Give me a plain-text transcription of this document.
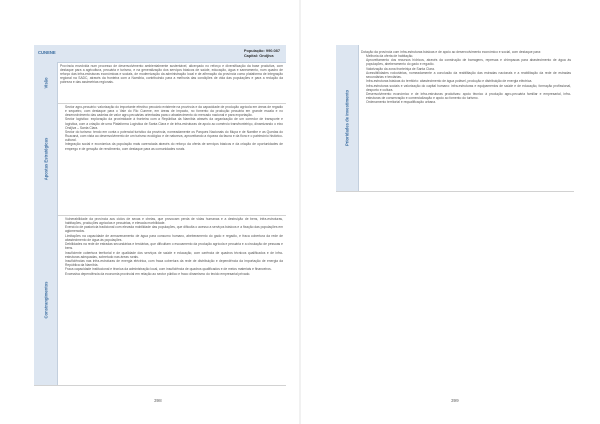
CUNENE	População: 990.087
Capital: Ondjiva
Visão

Província envolvida num processo de desenvolvimento ambientalmente sustentável, alicerçado no reforço e diversificação da base produtiva, com destaque para a agricultura, pecuária e turismo, e na generalização dos serviços básicos de saúde, educação, água e saneamento, num quadro de reforço das infra-estruturas económicas e sociais, de modernização da administração local e de afirmação da província como plataforma de integração regional na SADC, através da fronteira com a Namíbia, contribuindo para a melhoria das condições de vida das populações e para a redução da pobreza e das assimetrias regionais.

Apostas Estratégicas
• Sector agro-pecuário: valorização do importante efectivo pecuário existente na província e da capacidade de produção agrícola em áreas de regadio e sequeiro, com destaque para o Vale do Rio Cunene, em áreas de impacto, no fomento da produção pecuária em grande escala e no desenvolvimento das cadeias de valor agro-pecuárias orientadas para o abastecimento do mercado nacional e para exportação.
• Sector logístico: exploração da proximidade à fronteira com a República da Namíbia através da organização de um corredor de transporte e logística, com a criação de uma Plataforma Logística de Santa Clara e de infra-estruturas de apoio ao comércio transfronteiriço, dinamizando o eixo Ondjiva – Santa Clara.
• Sector do turismo: tendo em conta o potencial turístico da província, nomeadamente os Parques Nacionais do Mupa e de Namibe e as Quedas do Ruacaná, com vista ao desenvolvimento de um turismo ecológico e de natureza, aproveitando a riqueza da fauna e da flora e o património histórico-cultural.
• Integração social e económica da população mais carenciada através do reforço da oferta de serviços básicos e da criação de oportunidades de emprego e de geração de rendimento, com destaque para as comunidades rurais.
Constrangimentos
• Vulnerabilidade da província aos ciclos de secas e cheias, que provocam perda de vidas humanas e a destruição de bens, infra-estruturas, habitações, produções agrícolas e pecuárias, e elevada morbilidade.
• Exercício de pastorícia tradicional com elevada mobilidade das populações, que dificulta o acesso a serviços básicos e a fixação das populações em aglomerados.
• Limitações na capacidade de armazenamento de água para consumo humano, abeberamento do gado e regadio, e fraca cobertura da rede de abastecimento de água às populações.
• Debilidades na rede de estradas secundárias e terciárias, que dificultam o escoamento da produção agrícola e pecuária e a circulação de pessoas e bens.
• Insuficiente cobertura territorial e de qualidade dos serviços de saúde e educação, com carência de quadros técnicos qualificados e de infra-estruturas adequadas, sobretudo nas áreas rurais.
• Insuficiências nas infra-estruturas de energia eléctrica, com fraca cobertura da rede de distribuição e dependência da importação de energia da República da Namíbia.
• Fraca capacidade institucional e técnica da administração local, com insuficiência de quadros qualificados e de meios materiais e financeiros.
• Excessiva dependência da economia provincial em relação ao sector público e fraco dinamismo do tecido empresarial privado.
398	399
Prioridades de Investimento

Dotação da província com infra-estruturas básicas e de apoio ao desenvolvimento económico e social, com destaque para:

• Melhoria da oferta de habitação.
• Aproveitamento dos recursos hídricos, através da construção de barragens, represas e chimpacas para abastecimento de água às populações, abeberamento do gado e regadio.
• Valorização da zona fronteiriça de Santa Clara.
• Acessibilidades rodoviárias, nomeadamente a conclusão da reabilitação das estradas nacionais e a reabilitação da rede de estradas secundárias e terciárias.
• Infra-estruturas básicas do território: abastecimento de água potável, produção e distribuição de energia eléctrica.
• Infra-estruturas sociais e valorização do capital humano: infra-estruturas e equipamentos de saúde e de educação, formação profissional, desporto e cultura.
• Desenvolvimento económico e de infra-estruturas produtivas: apoio técnico à produção agro-pecuária familiar e empresarial, infra-estruturas de conservação e comercialização e apoio ao fomento do turismo.
• Ordenamento territorial e requalificação urbana.
